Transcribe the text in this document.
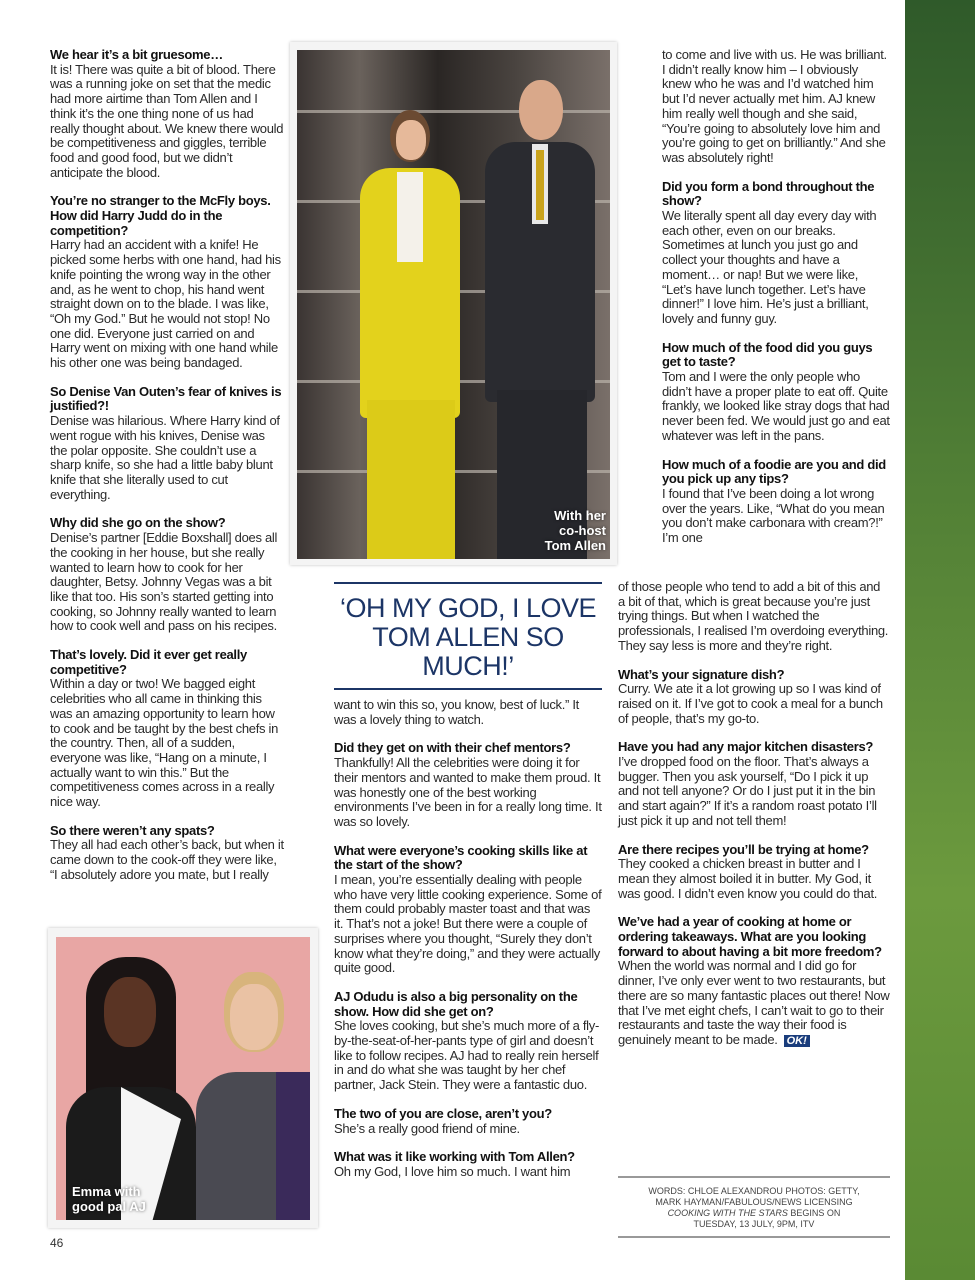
We hear it’s a bit gruesome…
It is! There was quite a bit of blood. There was a running joke on set that the medic had more airtime than Tom Allen and I think it’s the one thing none of us had really thought about. We knew there would be competitiveness and giggles, terrible food and good food, but we didn’t anticipate the blood.
You’re no stranger to the McFly boys. How did Harry Judd do in the competition?
Harry had an accident with a knife! He picked some herbs with one hand, had his knife pointing the wrong way in the other and, as he went to chop, his hand went straight down on to the blade. I was like, “Oh my God.” But he would not stop! No one did. Everyone just carried on and Harry went on mixing with one hand while his other one was being bandaged.
So Denise Van Outen’s fear of knives is justified?!
Denise was hilarious. Where Harry kind of went rogue with his knives, Denise was the polar opposite. She couldn’t use a sharp knife, so she had a little baby blunt knife that she literally used to cut everything.
Why did she go on the show?
Denise’s partner [Eddie Boxshall] does all the cooking in her house, but she really wanted to learn how to cook for her daughter, Betsy. Johnny Vegas was a bit like that too. His son’s started getting into cooking, so Johnny really wanted to learn how to cook well and pass on his recipes.
That’s lovely. Did it ever get really competitive?
Within a day or two! We bagged eight celebrities who all came in thinking this was an amazing opportunity to learn how to cook and be taught by the best chefs in the country. Then, all of a sudden, everyone was like, “Hang on a minute, I actually want to win this.” But the competitiveness comes across in a really nice way.
So there weren’t any spats?
They all had each other’s back, but when it came down to the cook-off they were like, “I absolutely adore you mate, but I really
want to win this so, you know, best of luck.” It was a lovely thing to watch.
Did they get on with their chef mentors?
Thankfully! All the celebrities were doing it for their mentors and wanted to make them proud. It was honestly one of the best working environments I’ve been in for a really long time. It was so lovely.
What were everyone’s cooking skills like at the start of the show?
I mean, you’re essentially dealing with people who have very little cooking experience. Some of them could probably master toast and that was it. That’s not a joke! But there were a couple of surprises where you thought, “Surely they don’t know what they’re doing,” and they were actually quite good.
AJ Odudu is also a big personality on the show. How did she get on?
She loves cooking, but she’s much more of a fly-by-the-seat-of-her-pants type of girl and doesn’t like to follow recipes. AJ had to really rein herself in and do what she was taught by her chef partner, Jack Stein. They were a fantastic duo.
The two of you are close, aren’t you?
She’s a really good friend of mine.
What was it like working with Tom Allen?
Oh my God, I love him so much. I want him
to come and live with us. He was brilliant. I didn’t really know him – I obviously knew who he was and I’d watched him but I’d never actually met him. AJ knew him really well though and she said, “You’re going to absolutely love him and you’re going to get on brilliantly.” And she was absolutely right!
Did you form a bond throughout the show?
We literally spent all day every day with each other, even on our breaks. Sometimes at lunch you just go and collect your thoughts and have a moment… or nap! But we were like, “Let’s have lunch together. Let’s have dinner!” I love him. He’s just a brilliant, lovely and funny guy.
How much of the food did you guys get to taste?
Tom and I were the only people who didn’t have a proper plate to eat off. Quite frankly, we looked like stray dogs that had never been fed. We would just go and eat whatever was left in the pans.
How much of a foodie are you and did you pick up any tips?
I found that I’ve been doing a lot wrong over the years. Like, “What do you mean you don’t make carbonara with cream?!” I’m one
of those people who tend to add a bit of this and a bit of that, which is great because you’re just trying things. But when I watched the professionals, I realised I’m overdoing everything. They say less is more and they’re right.
What’s your signature dish?
Curry. We ate it a lot growing up so I was kind of raised on it. If I’ve got to cook a meal for a bunch of people, that’s my go-to.
Have you had any major kitchen disasters?
I’ve dropped food on the floor. That’s always a bugger. Then you ask yourself, “Do I pick it up and not tell anyone? Or do I just put it in the bin and start again?” If it’s a random roast potato I’ll just pick it up and not tell them!
Are there recipes you’ll be trying at home?
They cooked a chicken breast in butter and I mean they almost boiled it in butter. My God, it was good. I didn’t even know you could do that.
We’ve had a year of cooking at home or ordering takeaways. What are you looking forward to about having a bit more freedom?
When the world was normal and I did go for dinner, I’ve only ever went to two restaurants, but there are so many fantastic places out there! Now that I’ve met eight chefs, I can’t wait to go to their restaurants and taste the way their food is genuinely meant to be made. OK!
With her
co-host
Tom Allen
‘OH MY GOD, I LOVE TOM ALLEN SO MUCH!’
Emma with
good pal AJ
WORDS: CHLOE ALEXANDROU PHOTOS: GETTY,
MARK HAYMAN/FABULOUS/NEWS LICENSING
COOKING WITH THE STARS BEGINS ON
TUESDAY, 13 JULY, 9PM, ITV
46
